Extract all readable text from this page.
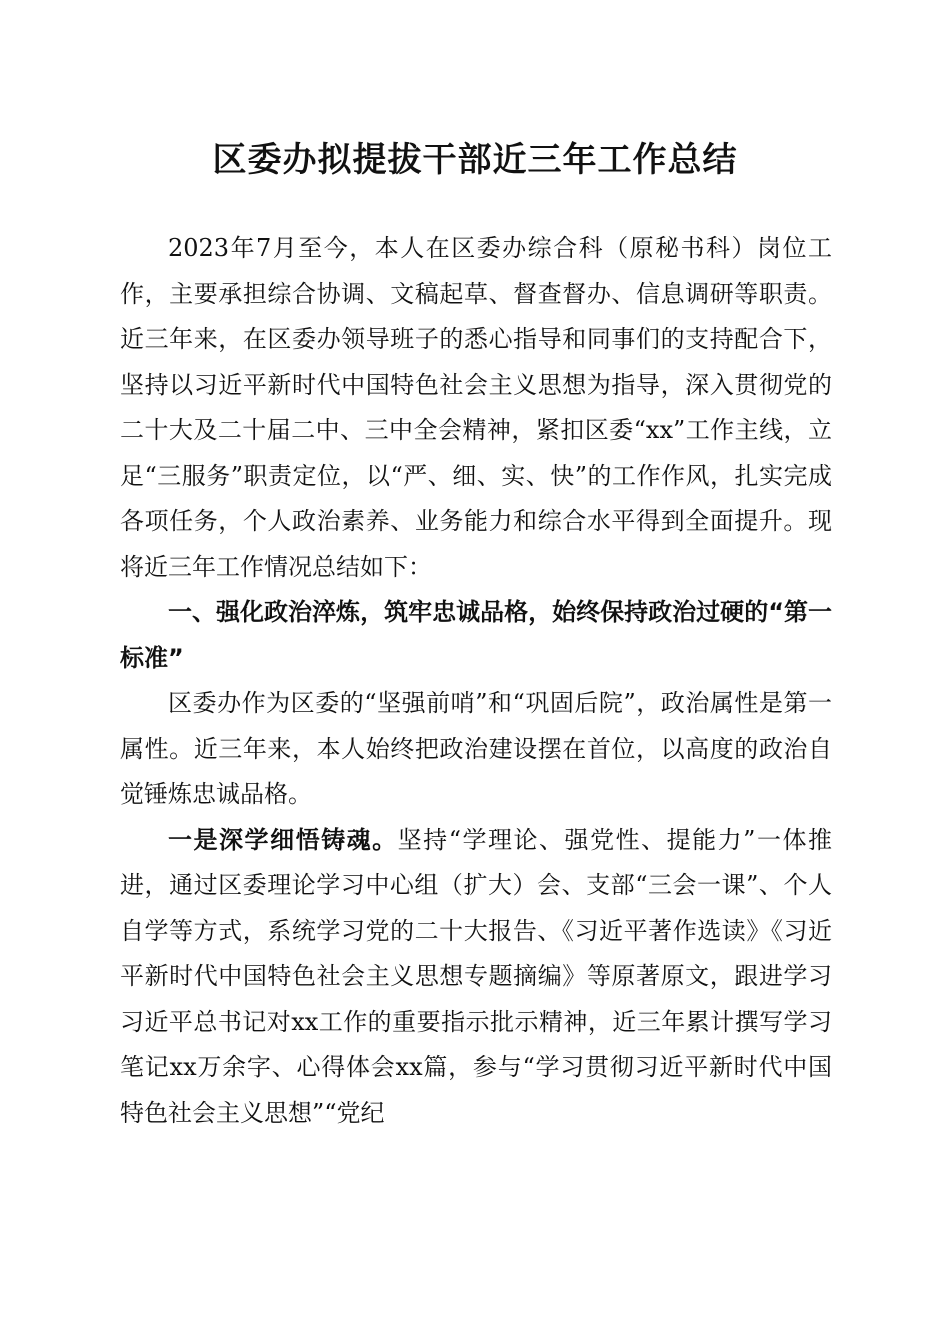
区委办拟提拔干部近三年工作总结

2023年7月至今，本人在区委办综合科（原秘书科）岗位工作，主要承担综合协调、文稿起草、督查督办、信息调研等职责。近三年来，在区委办领导班子的悉心指导和同事们的支持配合下，坚持以习近平新时代中国特色社会主义思想为指导，深入贯彻党的二十大及二十届二中、三中全会精神，紧扣区委“xx”工作主线，立足“三服务”职责定位，以“严、细、实、快”的工作作风，扎实完成各项任务，个人政治素养、业务能力和综合水平得到全面提升。现将近三年工作情况总结如下：

一、强化政治淬炼，筑牢忠诚品格，始终保持政治过硬的“第一标准”

区委办作为区委的“坚强前哨”和“巩固后院”，政治属性是第一属性。近三年来，本人始终把政治建设摆在首位，以高度的政治自觉锤炼忠诚品格。

一是深学细悟铸魂。坚持“学理论、强党性、提能力”一体推进，通过区委理论学习中心组（扩大）会、支部“三会一课”、个人自学等方式，系统学习党的二十大报告、《习近平著作选读》《习近平新时代中国特色社会主义思想专题摘编》等原著原文，跟进学习习近平总书记对xx工作的重要指示批示精神，近三年累计撰写学习笔记xx万余字、心得体会xx篇，参与“学习贯彻习近平新时代中国特色社会主义思想”“党纪
